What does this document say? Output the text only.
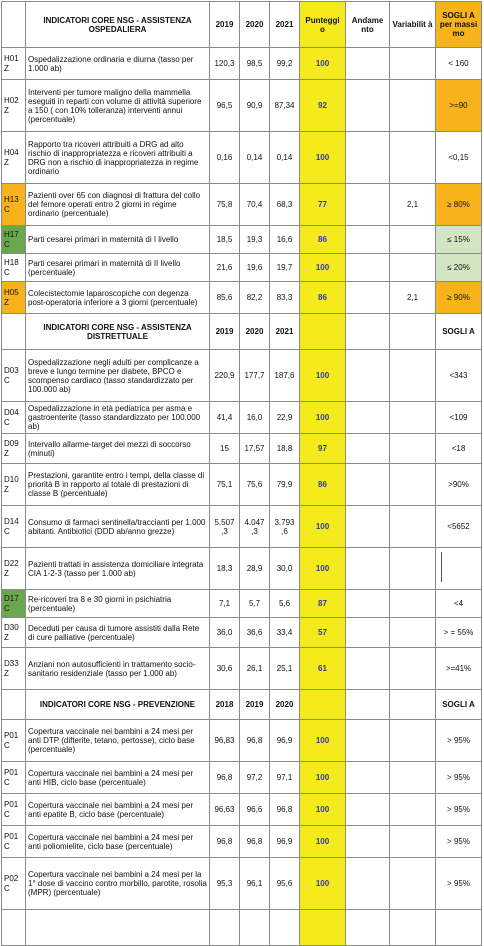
	INDICATORI CORE NSG - ASSISTENZA OSPEDALIERA	2019	2020	2021	Punteggi o	Andame nto	Variabilit à	SOGLI A per massi mo
H01 Z	Ospedalizzazione ordinaria e diurna (tasso per 1.000 ab)	120,3	98,5	99,2	100			< 160
H02 Z	Interventi per tumore maligno della mammella eseguiti in reparti con volume di attività superiore a 150 ( con 10% tolleranza) interventi annui (percentuale)	96,5	90,9	87,34	92			>=90
H04 Z	Rapporto tra ricoveri attribuiti a DRG ad alto rischio di inappropriatezza e ricoveri attribuiti a DRG non a rischio di inappropriatezza in regime ordinario	0,16	0,14	0,14	100			<0,15
H13 C	Pazienti over 65 con diagnosi di frattura del collo del femore operati entro 2 giorni in regime ordinario (percentuale)	75,8	70,4	68,3	77		2,1	≥ 80%
H17 C	Parti cesarei primari in maternità di I livello	18,5	19,3	16,6	86			≤ 15%
H18 C	Parti cesarei primari in maternità di II livello (percentuale)	21,6	19,6	19,7	100			≤ 20%
H05 Z	Colecistectomie laparoscopiche con degenza post-operatoria inferiore a 3 giorni (percentuale)	85,6	82,2	83,3	86		2,1	≥ 90%
	INDICATORI CORE NSG - ASSISTENZA DISTRETTUALE	2019	2020	2021				SOGLI A
D03 C	Ospedalizzazione negli adulti per complicanze a breve e lungo termine per diabete, BPCO e scompenso cardiaco (tasso standardizzato per 100.000 ab)	220,9	177,7	187,6	100			<343
D04 C	Ospedalizzazione in età pediatrica per asma e gastroenterite (tasso standardizzato per 100.000 ab)	41,4	16,0	22,9	100			<109
D09 Z	Intervallo allarme-target dei mezzi di soccorso (minuti)	15	17,57	18,8	97			<18
D10 Z	Prestazioni, garantite entro i tempi, della classe di priorità B in rapporto al totale di prestazioni di classe B (percentuale)	75,1	75,6	79,9	86			>90%
D14 C	Consumo di farmaci sentinella/traccianti per 1.000 abitanti. Antibiotici (DDD ab/anno grezze)	5.507 ,3	4.047 ,3	3.793 ,6	100			<5652
D22 Z	Pazienti trattati in assistenza domiciliare integrata CIA 1-2-3 (tasso per 1.000 ab)	18,3	28,9	30,0	100			
D17 C	Re-ricoveri tra 8 e 30 giorni in psichiatria (percentuale)	7,1	5,7	5,6	87			<4
D30 Z	Deceduti per causa di tumore assistiti dalla Rete di cure palliative (percentuale)	36,0	36,6	33,4	57			> = 55%
D33 Z	Anziani non autosufficienti in trattamento socio-sanitario residenziale (tasso per 1.000 ab)	30,6	26,1	25,1	61			>=41%
	INDICATORI CORE NSG - PREVENZIONE	2018	2019	2020				SOGLI A
P01 C	Copertura vaccinale nei bambini a 24 mesi per anti DTP (difterite, tetano, pertosse), ciclo base (percentuale)	96,83	96,8	96,9	100			> 95%
P01 C	Copertura vaccinale nei bambini a 24 mesi per anti HIB, ciclo base (percentuale)	96,8	97,2	97,1	100			> 95%
P01 C	Copertura vaccinale nei bambini a 24 mesi per anti epatite B, ciclo base (percentuale)	96,63	96,6	96,8	100			> 95%
P01 C	Copertura vaccinale nei bambini a 24 mesi per anti poliomielite, ciclo base (percentuale)	96,8	96,8	96,9	100			> 95%
P02 C	Copertura vaccinale nei bambini a 24 mesi per la 1° dose di vaccino contro morbillo, parotite, rosolia (MPR) (percentuale)	95,3	96,1	95,6	100			> 95%
